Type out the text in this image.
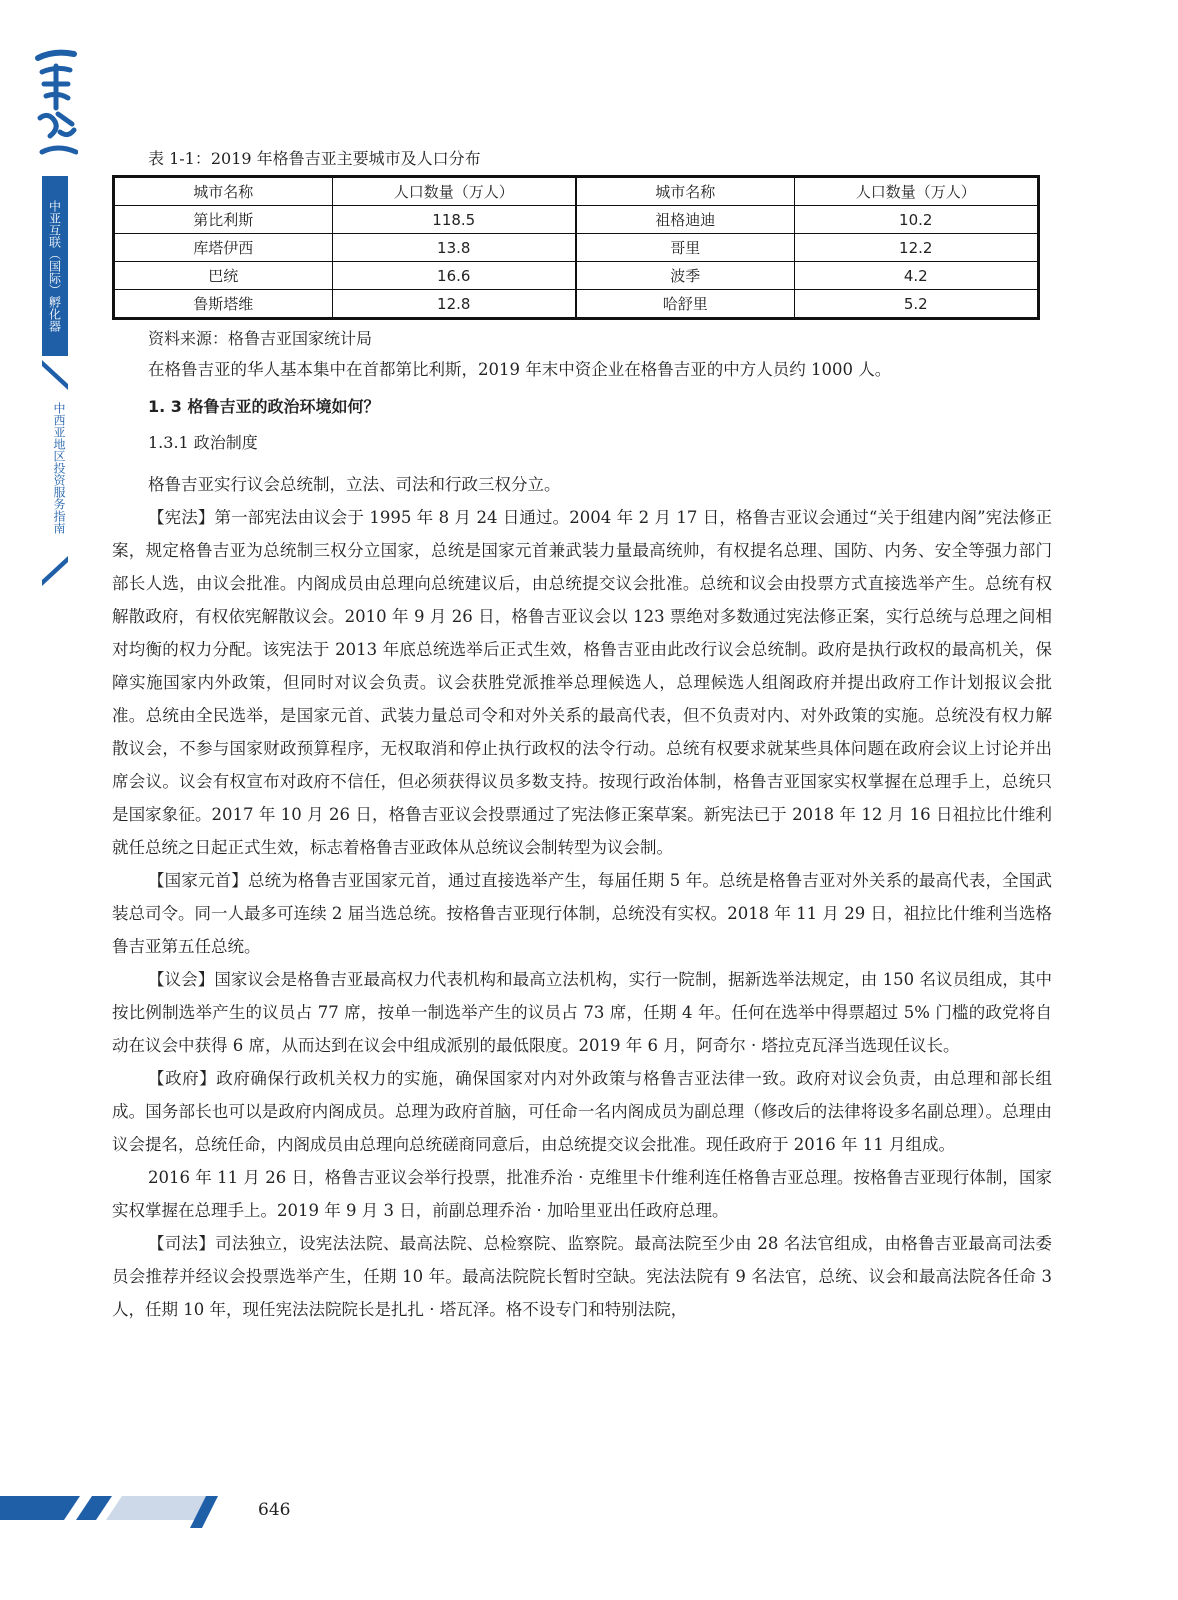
中亚互联（国际）孵化器
中西亚地区投资服务指南
表 1-1：2019 年格鲁吉亚主要城市及人口分布
城市名称	人口数量（万人）	城市名称	人口数量（万人）
第比利斯	118.5	祖格迪迪	10.2
库塔伊西	13.8	哥里	12.2
巴统	16.6	波季	4.2
鲁斯塔维	12.8	哈舒里	5.2
资料来源：格鲁吉亚国家统计局

在格鲁吉亚的华人基本集中在首都第比利斯，2019 年末中资企业在格鲁吉亚的中方人员约 1000 人。

1. 3 格鲁吉亚的政治环境如何？
1.3.1 政治制度

格鲁吉亚实行议会总统制，立法、司法和行政三权分立。

【宪法】第一部宪法由议会于 1995 年 8 月 24 日通过。2004 年 2 月 17 日，格鲁吉亚议会通过“关于组建内阁”宪法修正案，规定格鲁吉亚为总统制三权分立国家，总统是国家元首兼武装力量最高统帅，有权提名总理、国防、内务、安全等强力部门部长人选，由议会批准。内阁成员由总理向总统建议后，由总统提交议会批准。总统和议会由投票方式直接选举产生。总统有权解散政府，有权依宪解散议会。2010 年 9 月 26 日，格鲁吉亚议会以 123 票绝对多数通过宪法修正案，实行总统与总理之间相对均衡的权力分配。该宪法于 2013 年底总统选举后正式生效，格鲁吉亚由此改行议会总统制。政府是执行政权的最高机关，保障实施国家内外政策，但同时对议会负责。议会获胜党派推举总理候选人，总理候选人组阁政府并提出政府工作计划报议会批准。总统由全民选举，是国家元首、武装力量总司令和对外关系的最高代表，但不负责对内、对外政策的实施。总统没有权力解散议会，不参与国家财政预算程序，无权取消和停止执行政权的法令行动。总统有权要求就某些具体问题在政府会议上讨论并出席会议。议会有权宣布对政府不信任，但必须获得议员多数支持。按现行政治体制，格鲁吉亚国家实权掌握在总理手上，总统只是国家象征。2017 年 10 月 26 日，格鲁吉亚议会投票通过了宪法修正案草案。新宪法已于 2018 年 12 月 16 日祖拉比什维利就任总统之日起正式生效，标志着格鲁吉亚政体从总统议会制转型为议会制。

【国家元首】总统为格鲁吉亚国家元首，通过直接选举产生，每届任期 5 年。总统是格鲁吉亚对外关系的最高代表，全国武装总司令。同一人最多可连续 2 届当选总统。按格鲁吉亚现行体制，总统没有实权。2018 年 11 月 29 日，祖拉比什维利当选格鲁吉亚第五任总统。

【议会】国家议会是格鲁吉亚最高权力代表机构和最高立法机构，实行一院制，据新选举法规定，由 150 名议员组成，其中按比例制选举产生的议员占 77 席，按单一制选举产生的议员占 73 席，任期 4 年。任何在选举中得票超过 5% 门槛的政党将自动在议会中获得 6 席，从而达到在议会中组成派别的最低限度。2019 年 6 月，阿奇尔 · 塔拉克瓦泽当选现任议长。

【政府】政府确保行政机关权力的实施，确保国家对内对外政策与格鲁吉亚法律一致。政府对议会负责，由总理和部长组成。国务部长也可以是政府内阁成员。总理为政府首脑，可任命一名内阁成员为副总理（修改后的法律将设多名副总理）。总理由议会提名，总统任命，内阁成员由总理向总统磋商同意后，由总统提交议会批准。现任政府于 2016 年 11 月组成。

2016 年 11 月 26 日，格鲁吉亚议会举行投票，批准乔治 · 克维里卡什维利连任格鲁吉亚总理。按格鲁吉亚现行体制，国家实权掌握在总理手上。2019 年 9 月 3 日，前副总理乔治 · 加哈里亚出任政府总理。

【司法】司法独立，设宪法法院、最高法院、总检察院、监察院。最高法院至少由 28 名法官组成，由格鲁吉亚最高司法委员会推荐并经议会投票选举产生，任期 10 年。最高法院院长暂时空缺。宪法法院有 9 名法官，总统、议会和最高法院各任命 3 人，任期 10 年，现任宪法法院院长是扎扎 · 塔瓦泽。格不设专门和特别法院，

646
